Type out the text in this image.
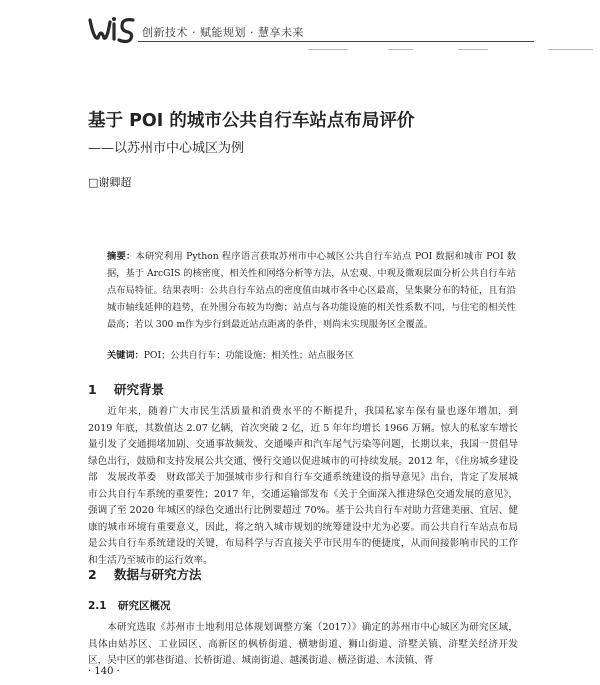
创新技术 · 赋能规划 · 慧享未来
基于 POI 的城市公共自行车站点布局评价
——以苏州市中心城区为例
□谢卿超
摘要：本研究利用 Python 程序语言获取苏州市中心城区公共自行车站点 POI 数据和城市 POI 数据，基于 ArcGIS 的核密度、相关性和网络分析等方法，从宏观、中观及微观层面分析公共自行车站点布局特征。结果表明：公共自行车站点的密度值由城市各中心区最高，呈集聚分布的特征，且有沿城市轴线延伸的趋势，在外围分布较为均衡；站点与各功能设施的相关性系数不同，与住宅的相关性最高；若以 300 m作为步行到最近站点距离的条件，则尚未实现服务区全覆盖。
关键词：POI；公共自行车；功能设施；相关性；站点服务区
1 研究背景
近年来，随着广大市民生活质量和消费水平的不断提升，我国私家车保有量也逐年增加，到 2019 年底，其数值达 2.07 亿辆，首次突破 2 亿，近 5 年年均增长 1966 万辆。惊人的私家车增长量引发了交通拥堵加剧、交通事故频发、交通噪声和汽车尾气污染等问题，长期以来，我国一贯倡导绿色出行，鼓励和支持发展公共交通、慢行交通以促进城市的可持续发展。2012 年，《住房城乡建设部　发展改革委　财政部关于加强城市步行和自行车交通系统建设的指导意见》出台，肯定了发展城市公共自行车系统的重要性；2017 年，交通运输部发布《关于全面深入推进绿色交通发展的意见》，强调了至 2020 年城区的绿色交通出行比例要超过 70%。基于公共自行车对助力营建美丽、宜居、健康的城市环境有重要意义，因此，将之纳入城市规划的统筹建设中尤为必要。而公共自行车站点布局是公共自行车系统建设的关键，布局科学与否直接关乎市民用车的便捷度，从而间接影响市民的工作和生活乃至城市的运行效率。
2 数据与研究方法
2.1 研究区概况
本研究选取《苏州市土地利用总体规划调整方案（2017）》确定的苏州市中心城区为研究区域，具体由姑苏区、工业园区、高新区的枫桥街道、横塘街道、狮山街道、浒墅关镇、浒墅关经济开发区，吴中区的郭巷街道、长桥街道、城南街道、越溪街道、横泾街道、木渎镇、胥
· 140 ·
